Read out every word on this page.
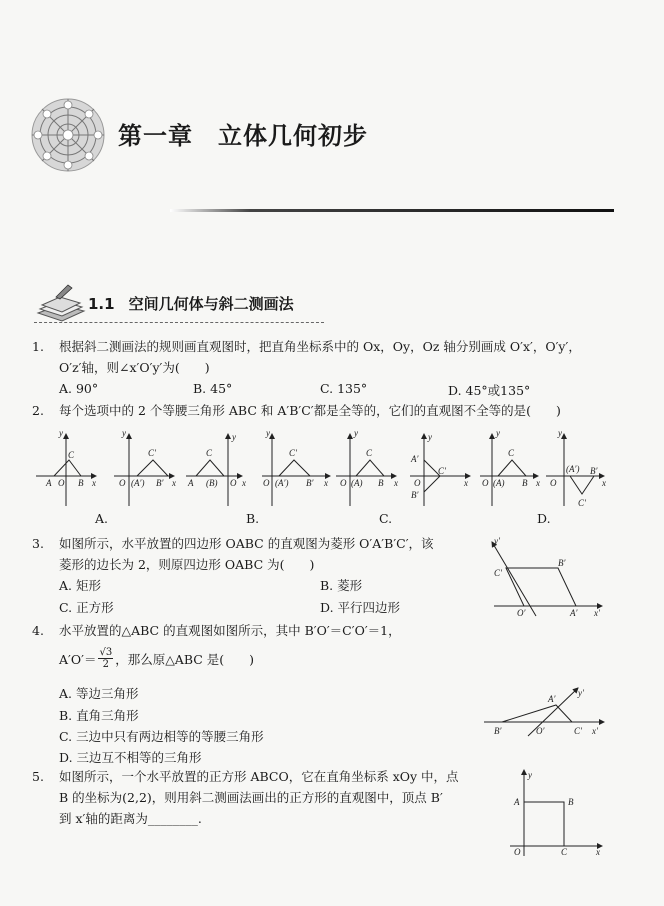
第一章　立体几何初步
1.1 空间几何体与斜二测画法
1. 根据斜二测画法的规则画直观图时，把直角坐标系中的 Ox，Oy，Oz 轴分别画成 O′x′，O′y′，
O′z′轴，则∠x′O′y′为(　　)
A. 90°	B. 45°	C. 135°	D. 45°或135°
2. 每个选项中的 2 个等腰三角形 ABC 和 A′B′C′都是全等的，它们的直观图不全等的是(　　)
y
C
A O B x
y
C′
O (A′) B′ x
y
C
A (B) O x
y
C′
O (A′) B′ x
y
C
O (A) B x
y
A′
C′
O	x
B′
y
C
O (A) B x
y
(A′) B′
O	x
C′
A.	B.	C.	D.
3. 如图所示，水平放置的四边形 OABC 的直观图为菱形 O′A′B′C′，该
菱形的边长为 2，则原四边形 OABC 为(　　)
A. 矩形	B. 菱形
C. 正方形	D. 平行四边形
y′
C′
B′
O′	A′ x′
4. 水平放置的△ABC 的直观图如图所示，其中 B′O′＝C′O′＝1，
$A'O'= \frac{√3}{2}$ ，那么原△ABC 是(　　)
A. 等边三角形
B. 直角三角形
C. 三边中只有两边相等的等腰三角形
D. 三边互不相等的三角形
y′
A′
B′	O′	C′ x′
5. 如图所示，一个水平放置的正方形 ABCO，它在直角坐标系 xOy 中，点
B 的坐标为(2,2)，则用斜二测画法画出的正方形的直观图中，顶点 B′
到 x′轴的距离为________.
y
A	B
O	C	x
